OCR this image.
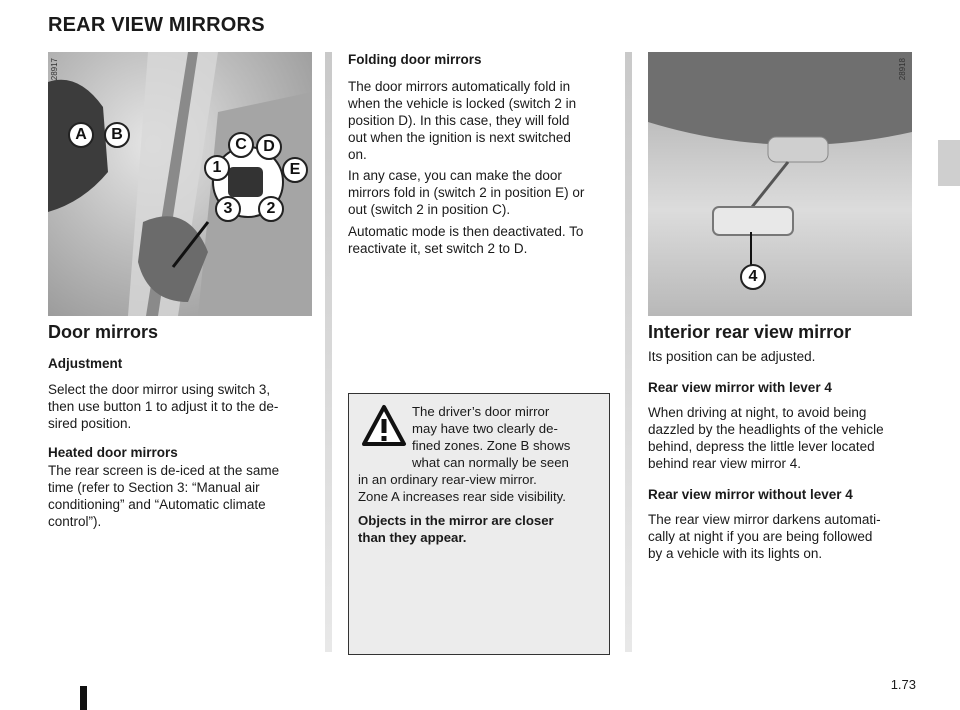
REAR VIEW MIRRORS
28917
A	B
C	D
1	E
3	2
28918
4
Door mirrors
Adjustment
Select the door mirror using switch 3,
then use button 1 to adjust it to the de-
sired position.
Heated door mirrors
The rear screen is de-iced at the same
time (refer to Section 3: “Manual air
conditioning” and “Automatic climate
control”).
Folding door mirrors
The door mirrors automatically fold in
when the vehicle is locked (switch 2 in
position D). In this case, they will fold
out when the ignition is next switched
on.
In any case, you can make the door
mirrors fold in (switch 2 in position E) or
out (switch 2 in position C).
Automatic mode is then deactivated. To
reactivate it, set switch 2 to D.
The driver’s door mirror
may have two clearly de-
fined zones. Zone B shows
what can normally be seen
in an ordinary rear-view mirror.
Zone A increases rear side visibility.
Objects in the mirror are closer
than they appear.
Interior rear view mirror
Its position can be adjusted.
Rear view mirror with lever 4
When driving at night, to avoid being
dazzled by the headlights of the vehicle
behind, depress the little lever located
behind rear view mirror 4.
Rear view mirror without lever 4
The rear view mirror darkens automati-
cally at night if you are being followed
by a vehicle with its lights on.
1.73
